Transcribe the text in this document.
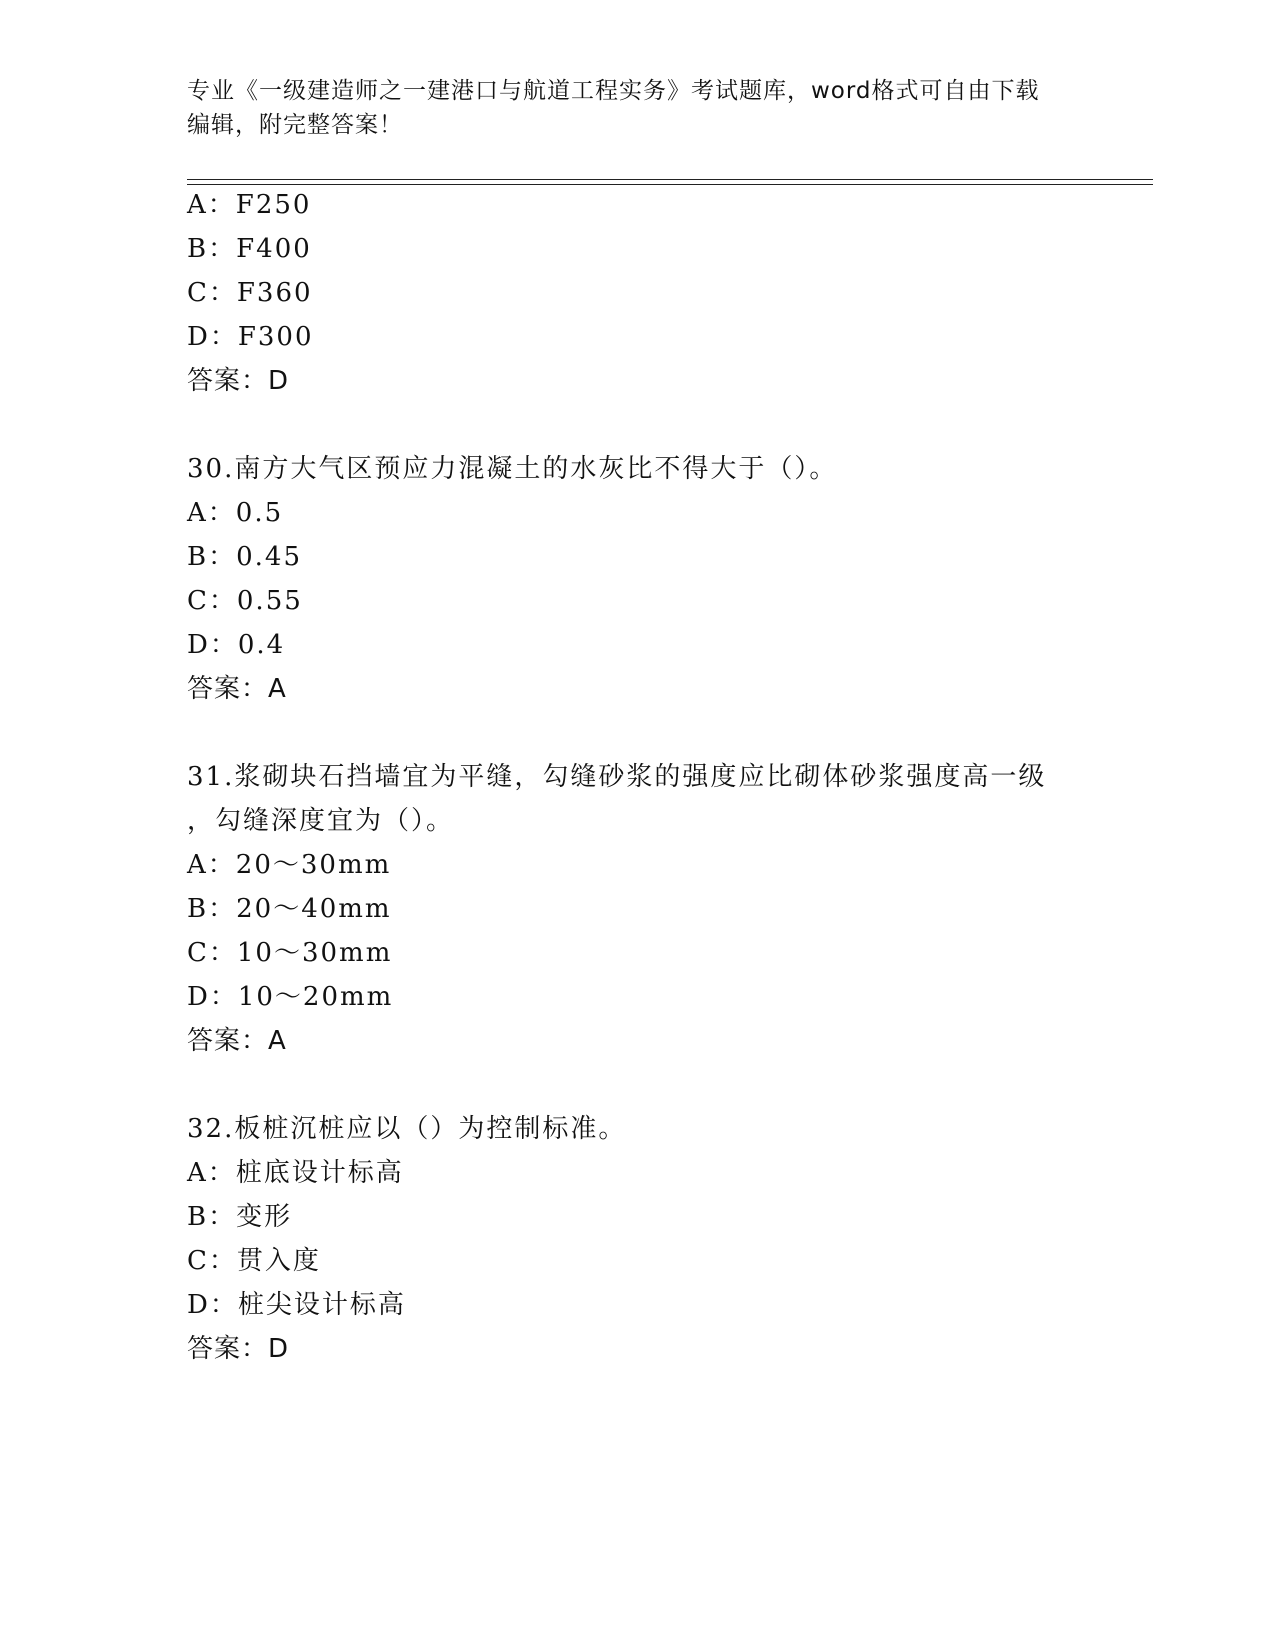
专业《一级建造师之一建港口与航道工程实务》考试题库，word格式可自由下载
编辑，附完整答案！
A：F250
B：F400
C：F360
D：F300
答案：D
30.南方大气区预应力混凝土的水灰比不得大于（）。
A：0.5
B：0.45
C：0.55
D：0.4
答案：A
31.浆砌块石挡墙宜为平缝，勾缝砂浆的强度应比砌体砂浆强度高一级
，勾缝深度宜为（）。
A：20～30mm
B：20～40mm
C：10～30mm
D：10～20mm
答案：A
32.板桩沉桩应以（）为控制标准。
A：桩底设计标高
B：变形
C：贯入度
D：桩尖设计标高
答案：D
